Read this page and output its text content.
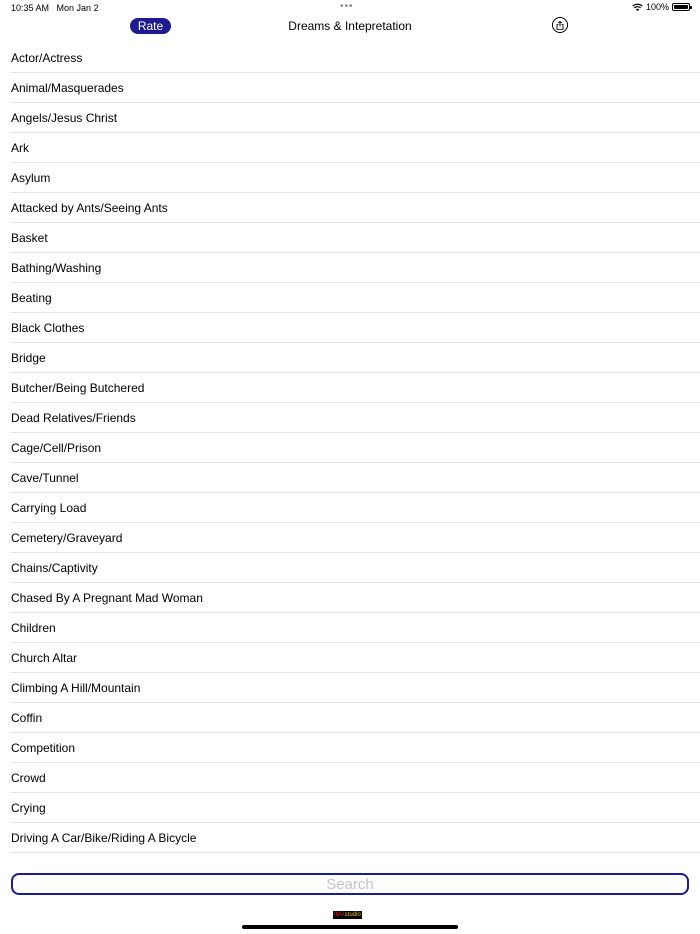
10:35 AM Mon Jan 2	•••	100%
Rate Us
Dreams & Intepretation
Actor/Actress
Animal/Masquerades
Angels/Jesus Christ
Ark
Asylum
Attacked by Ants/Seeing Ants
Basket
Bathing/Washing
Beating
Black Clothes
Bridge
Butcher/Being Butchered
Dead Relatives/Friends
Cage/Cell/Prison
Cave/Tunnel
Carrying Load
Cemetery/Graveyard
Chains/Captivity
Chased By A Pregnant Mad Woman
Children
Church Altar
Climbing A Hill/Mountain
Coffin
Competition
Crowd
Crying
Driving A Car/Bike/Riding A Bicycle
Search
IMAstudio
